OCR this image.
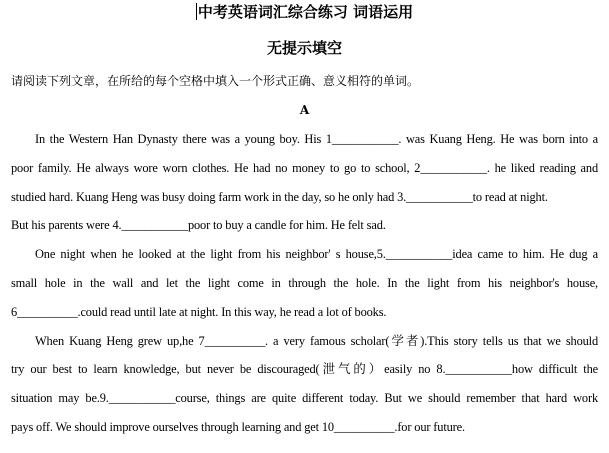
中考英语词汇综合练习 词语运用
无提示填空
请阅读下列文章，在所给的每个空格中填入一个形式正确、意义相符的单词。
A
In the Western Han Dynasty there was a young boy. His 1___________. was Kuang Heng. He was born into a
poor family. He always wore worn clothes. He had no money to go to school, 2___________. he liked reading and
studied hard. Kuang Heng was busy doing farm work in the day, so he only had 3.___________to read at night.
But his parents were 4.___________poor to buy a candle for him. He felt sad.
One night when he looked at the light from his neighbor' s house,5.___________idea came to him. He dug a
small hole in the wall and let the light come in through the hole. In the light from his neighbor's house,
6__________.could read until late at night. In this way, he read a lot of books.
When Kuang Heng grew up,he 7__________. a very famous scholar(学者).This story tells us that we should
try our best to learn knowledge, but never be discouraged(泄气的）easily no 8.___________how difficult the
situation may be.9.___________course, things are quite different today. But we should remember that hard work
pays off. We should improve ourselves through learning and get 10__________.for our future.
